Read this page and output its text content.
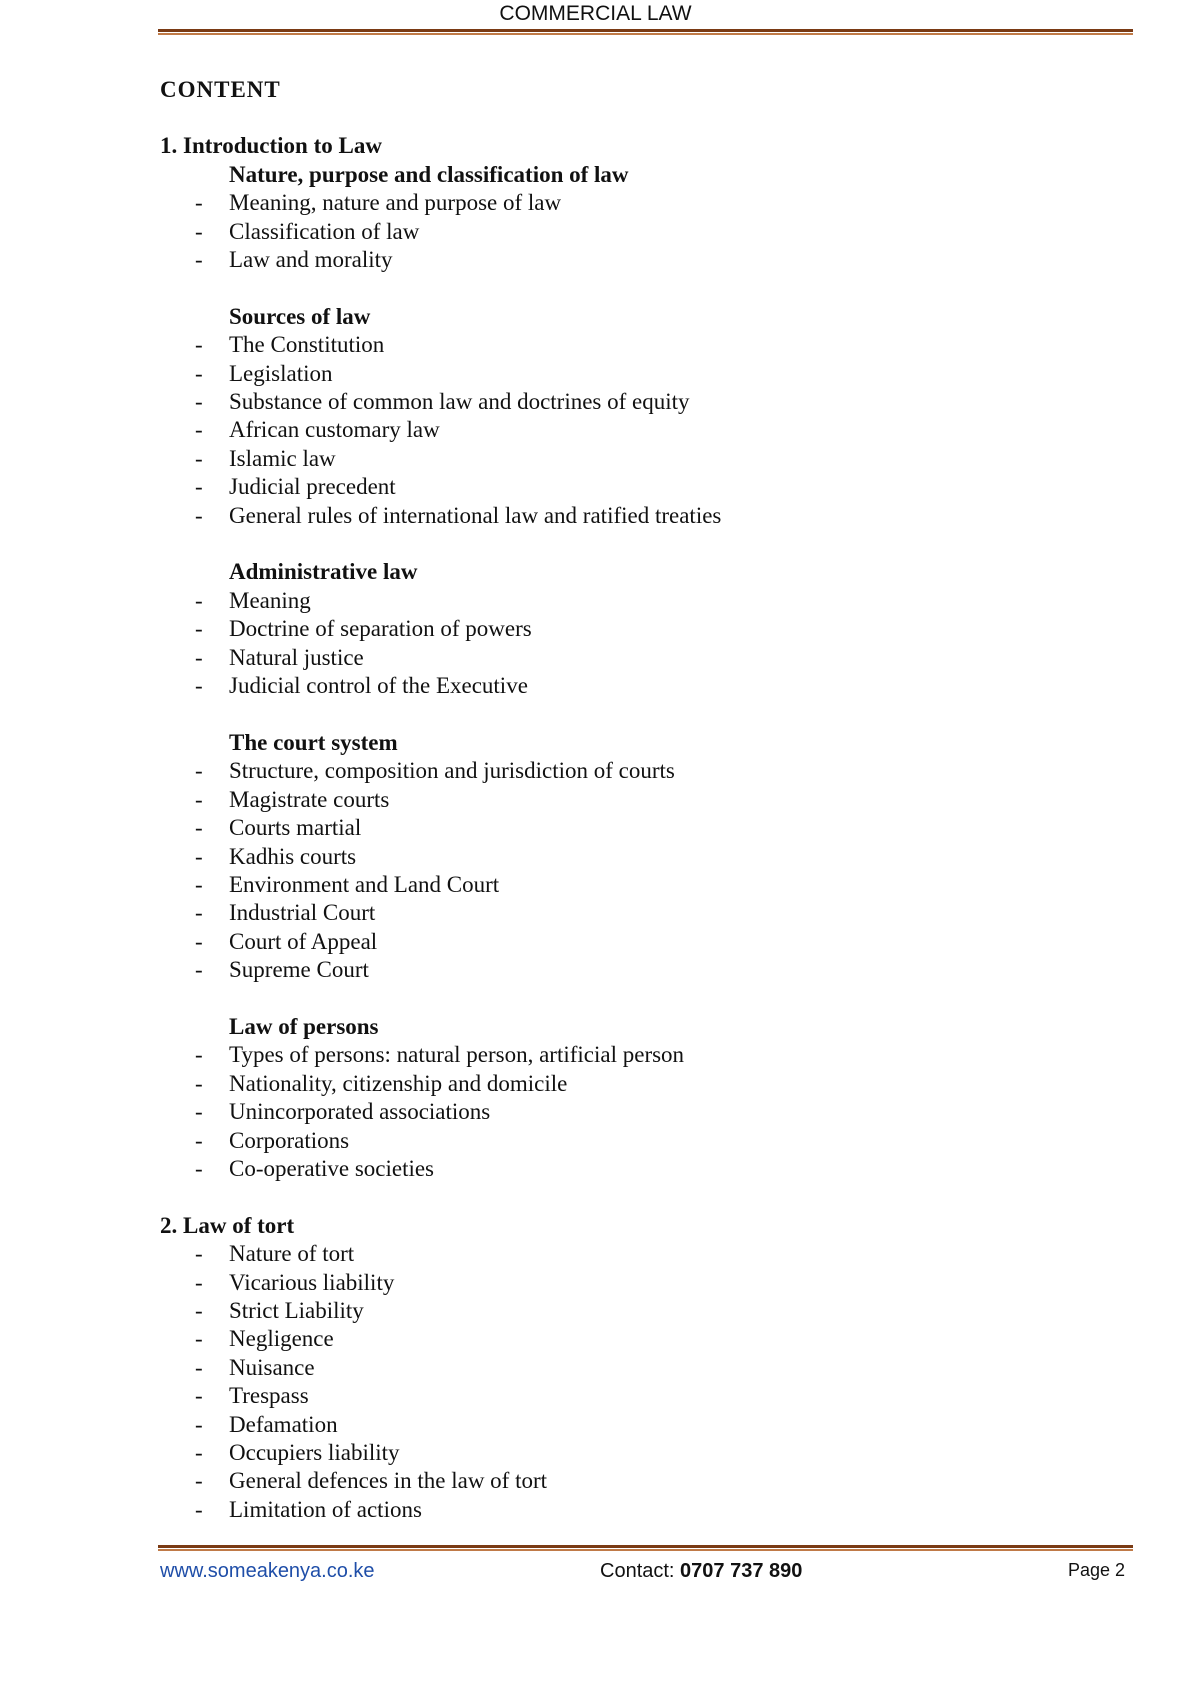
COMMERCIAL LAW
CONTENT
1. Introduction to Law
Nature, purpose and classification of law
- Meaning, nature and purpose of law
- Classification of law
- Law and morality
Sources of law
- The Constitution
- Legislation
- Substance of common law and doctrines of equity
- African customary law
- Islamic law
- Judicial precedent
- General rules of international law and ratified treaties
Administrative law
- Meaning
- Doctrine of separation of powers
- Natural justice
- Judicial control of the Executive
The court system
- Structure, composition and jurisdiction of courts
- Magistrate courts
- Courts martial
- Kadhis courts
- Environment and Land Court
- Industrial Court
- Court of Appeal
- Supreme Court
Law of persons
- Types of persons: natural person, artificial person
- Nationality, citizenship and domicile
- Unincorporated associations
- Corporations
- Co-operative societies
2. Law of tort
- Nature of tort
- Vicarious liability
- Strict Liability
- Negligence
- Nuisance
- Trespass
- Defamation
- Occupiers liability
- General defences in the law of tort
- Limitation of actions
www.someakenya.co.ke	Contact: 0707 737 890	Page 2
